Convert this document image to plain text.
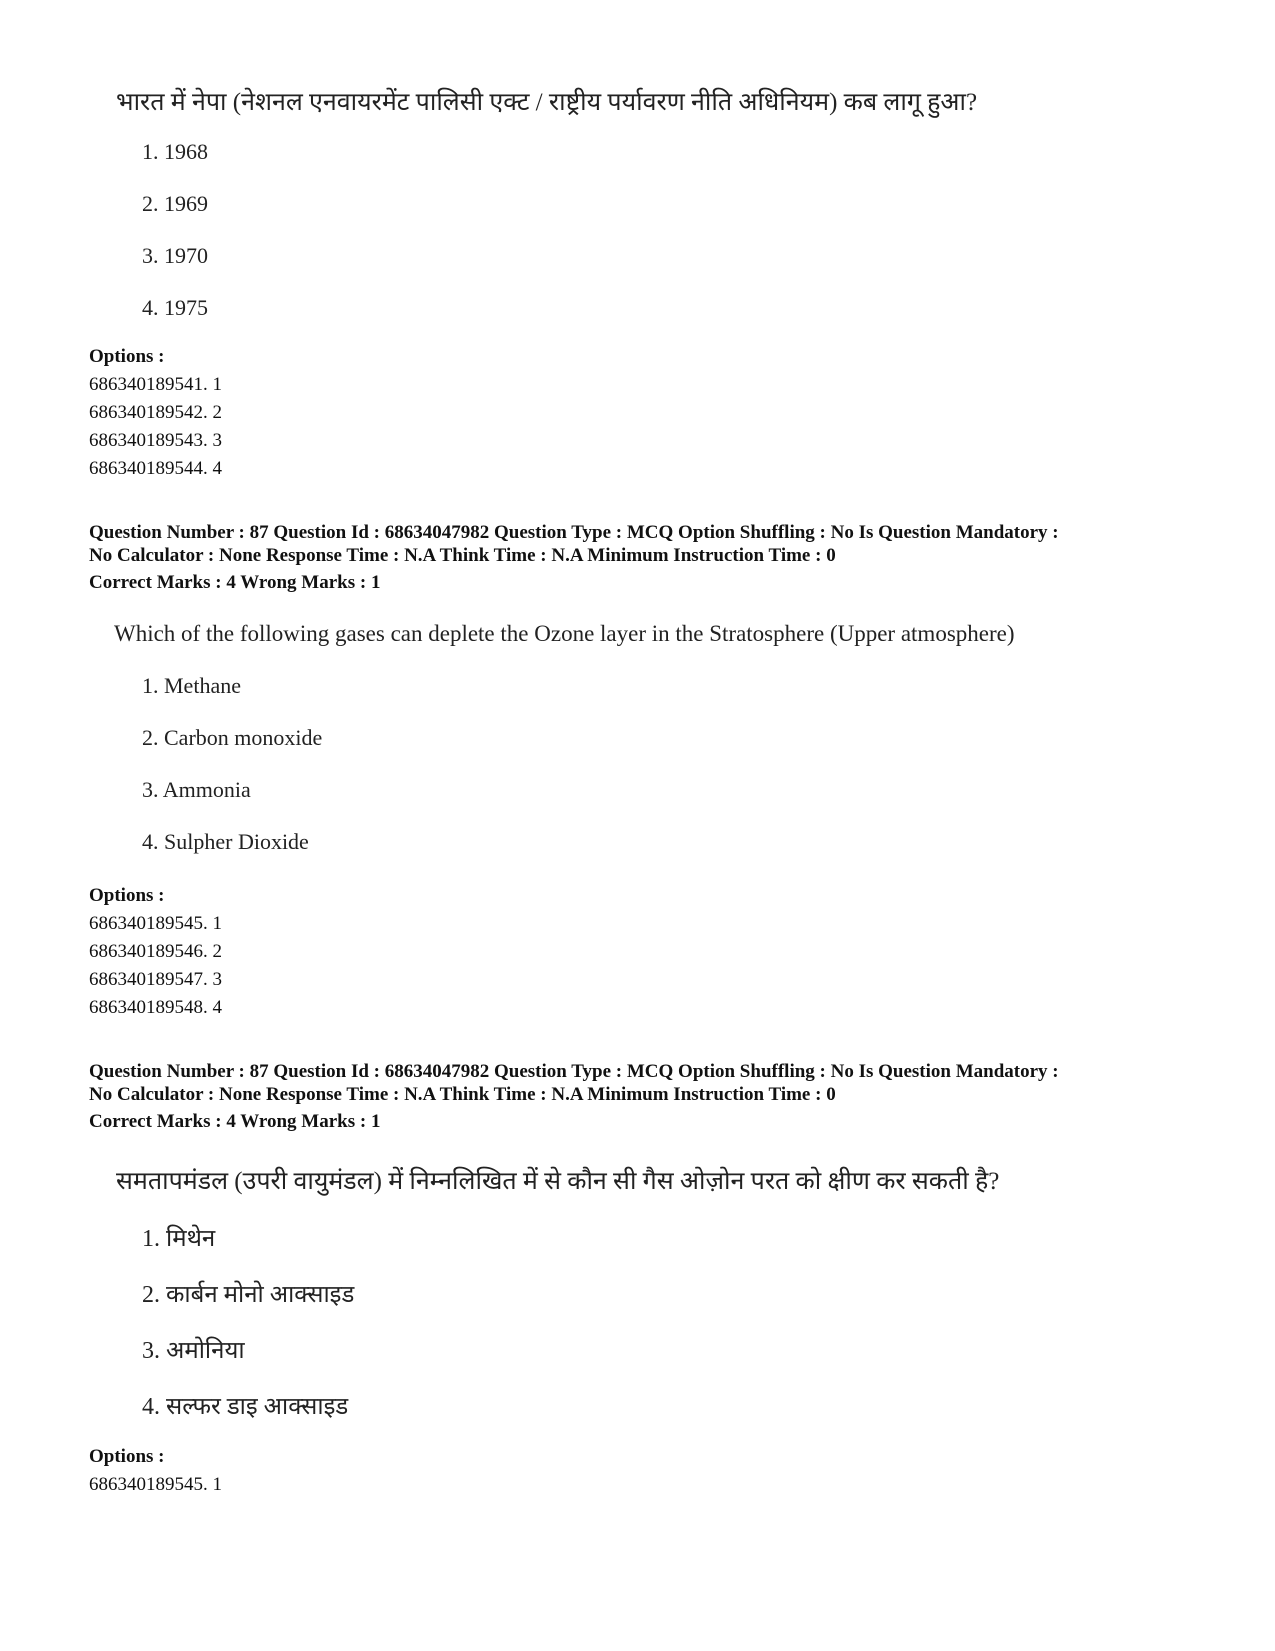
भारत में नेपा (नेशनल एनवायरमेंट पालिसी एक्ट / राष्ट्रीय पर्यावरण नीति अधिनियम) कब लागू हुआ?
1. 1968
2. 1969
3. 1970
4. 1975
Options :
686340189541. 1
686340189542. 2
686340189543. 3
686340189544. 4
Question Number : 87 Question Id : 68634047982 Question Type : MCQ Option Shuffling : No Is Question Mandatory :
No Calculator : None Response Time : N.A Think Time : N.A Minimum Instruction Time : 0
Correct Marks : 4 Wrong Marks : 1
Which of the following gases can deplete the Ozone layer in the Stratosphere (Upper atmosphere)
1. Methane
2. Carbon monoxide
3. Ammonia
4. Sulpher Dioxide
Options :
686340189545. 1
686340189546. 2
686340189547. 3
686340189548. 4
Question Number : 87 Question Id : 68634047982 Question Type : MCQ Option Shuffling : No Is Question Mandatory :
No Calculator : None Response Time : N.A Think Time : N.A Minimum Instruction Time : 0
Correct Marks : 4 Wrong Marks : 1
समतापमंडल (उपरी वायुमंडल) में निम्नलिखित में से कौन सी गैस ओज़ोन परत को क्षीण कर सकती है?
1. मिथेन
2. कार्बन मोनो आक्साइड
3. अमोनिया
4. सल्फर डाइ आक्साइड
Options :
686340189545. 1
